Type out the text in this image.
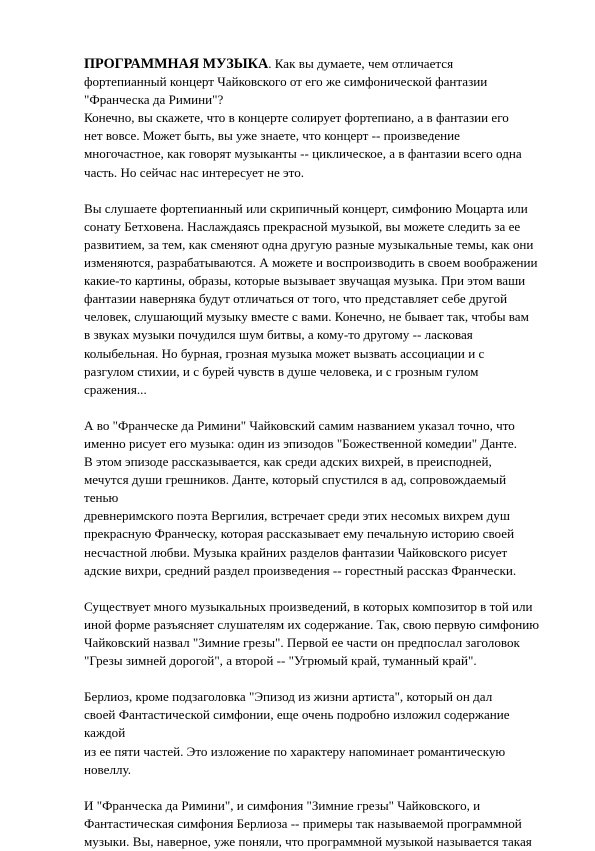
ПРОГРАММНАЯ МУЗЫКА. Как вы думаете, чем отличается
фортепианный концерт Чайковского от его же симфонической фантазии
"Франческа да Римини"?
Конечно, вы скажете, что в концерте солирует фортепиано, а в фантазии его
нет вовсе. Может быть, вы уже знаете, что концерт -- произведение
многочастное, как говорят музыканты -- циклическое, а в фантазии всего одна
часть. Но сейчас нас интересует не это.
Вы слушаете фортепианный или скрипичный концерт, симфонию Моцарта или
сонату Бетховена. Наслаждаясь прекрасной музыкой, вы можете следить за ее
развитием, за тем, как сменяют одна другую разные музыкальные темы, как они
изменяются, разрабатываются. А можете и воспроизводить в своем воображении
какие-то картины, образы, которые вызывает звучащая музыка. При этом ваши
фантазии наверняка будут отличаться от того, что представляет себе другой
человек, слушающий музыку вместе с вами. Конечно, не бывает так, чтобы вам
в звуках музыки почудился шум битвы, а кому-то другому -- ласковая
колыбельная. Но бурная, грозная музыка может вызвать ассоциации и с
разгулом стихии, и с бурей чувств в душе человека, и с грозным гулом
сражения...
А во "Франческе да Римини" Чайковский самим названием указал точно, что
именно рисует его музыка: один из эпизодов "Божественной комедии" Данте.
В этом эпизоде рассказывается, как среди адских вихрей, в преисподней,
мечутся души грешников. Данте, который спустился в ад, сопровождаемый
тенью
древнеримского поэта Вергилия, встречает среди этих несомых вихрем душ
прекрасную Франческу, которая рассказывает ему печальную историю своей
несчастной любви. Музыка крайних разделов фантазии Чайковского рисует
адские вихри, средний раздел произведения -- горестный рассказ Франчески.
Существует много музыкальных произведений, в которых композитор в той или
иной форме разъясняет слушателям их содержание. Так, свою первую симфонию
Чайковский назвал "Зимние грезы". Первой ее части он предпослал заголовок
"Грезы зимней дорогой", а второй -- "Угрюмый край, туманный край".
Берлиоз, кроме подзаголовка "Эпизод из жизни артиста", который он дал
своей Фантастической симфонии, еще очень подробно изложил содержание
каждой
из ее пяти частей. Это изложение по характеру напоминает романтическую
новеллу.
И "Франческа да Римини", и симфония "Зимние грезы" Чайковского, и
Фантастическая симфония Берлиоза -- примеры так называемой программной
музыки. Вы, наверное, уже поняли, что программной музыкой называется такая
